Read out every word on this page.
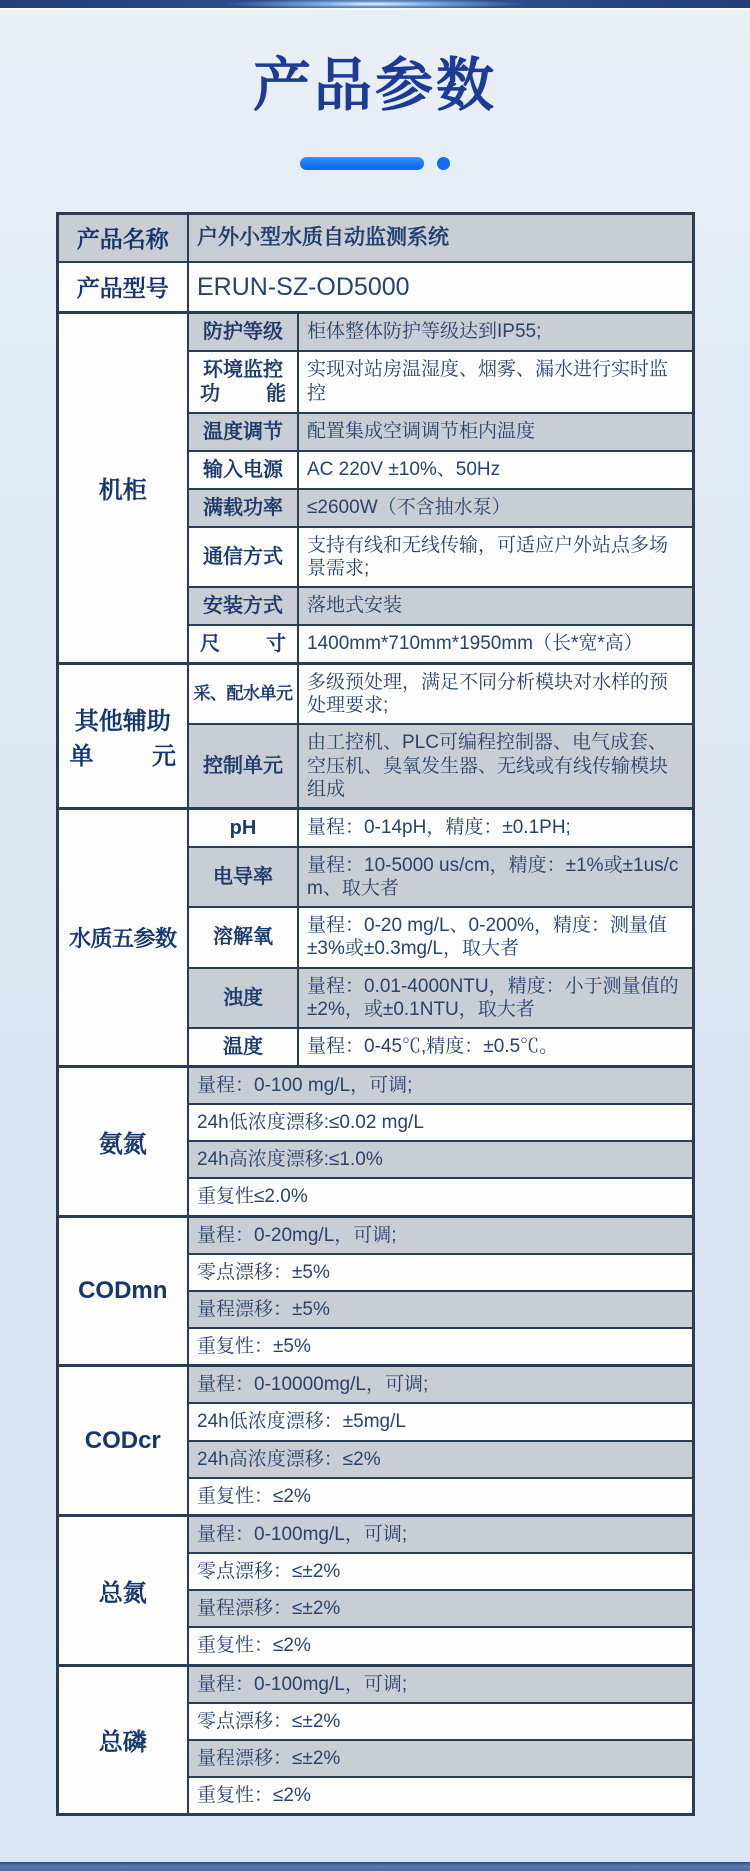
产品参数
产品名称	户外小型水质自动监测系统	
产品型号	ERUN-SZ-OD5000	
机柜	防护等级	柜体整体防护等级达到IP55;
	环境监控功能	实现对站房温湿度、烟雾、漏水进行实时监控
	温度调节	配置集成空调调节柜内温度
	输入电源	AC 220V ±10%、50Hz
	满载功率	≤2600W（不含抽水泵）
	通信方式	支持有线和无线传输，可适应户外站点多场景需求;
	安装方式	落地式安装
	尺寸	1400mm*710mm*1950mm（长*宽*高）
其他辅助单元	采、配水单元	多级预处理，满足不同分析模块对水样的预处理要求;
	控制单元	由工控机、PLC可编程控制器、电气成套、空压机、臭氧发生器、无线或有线传输模块组成
水质五参数	pH	量程：0-14pH，精度：±0.1PH;
	电导率	量程：10-5000 us/cm，精度：±1%或±1us/cm、取大者
	溶解氧	量程：0-20 mg/L、0-200%，精度：测量值±3%或±0.3mg/L，取大者
	浊度	量程：0.01-4000NTU，精度：小于测量值的±2%，或±0.1NTU，取大者
	温度	量程：0-45℃,精度：±0.5℃。
氨氮	量程：0-100 mg/L，可调;	
	24h低浓度漂移:≤0.02 mg/L	
	24h高浓度漂移:≤1.0%	
	重复性≤2.0%	
CODmn	量程：0-20mg/L，可调;	
	零点漂移：±5%	
	量程漂移：±5%	
	重复性：±5%	
CODcr	量程：0-10000mg/L，可调;	
	24h低浓度漂移：±5mg/L	
	24h高浓度漂移：≤2%	
	重复性：≤2%	
总氮	量程：0-100mg/L，可调;	
	零点漂移：≤±2%	
	量程漂移：≤±2%	
	重复性：≤2%	
总磷	量程：0-100mg/L，可调;	
	零点漂移：≤±2%	
	量程漂移：≤±2%	
	重复性：≤2%	
